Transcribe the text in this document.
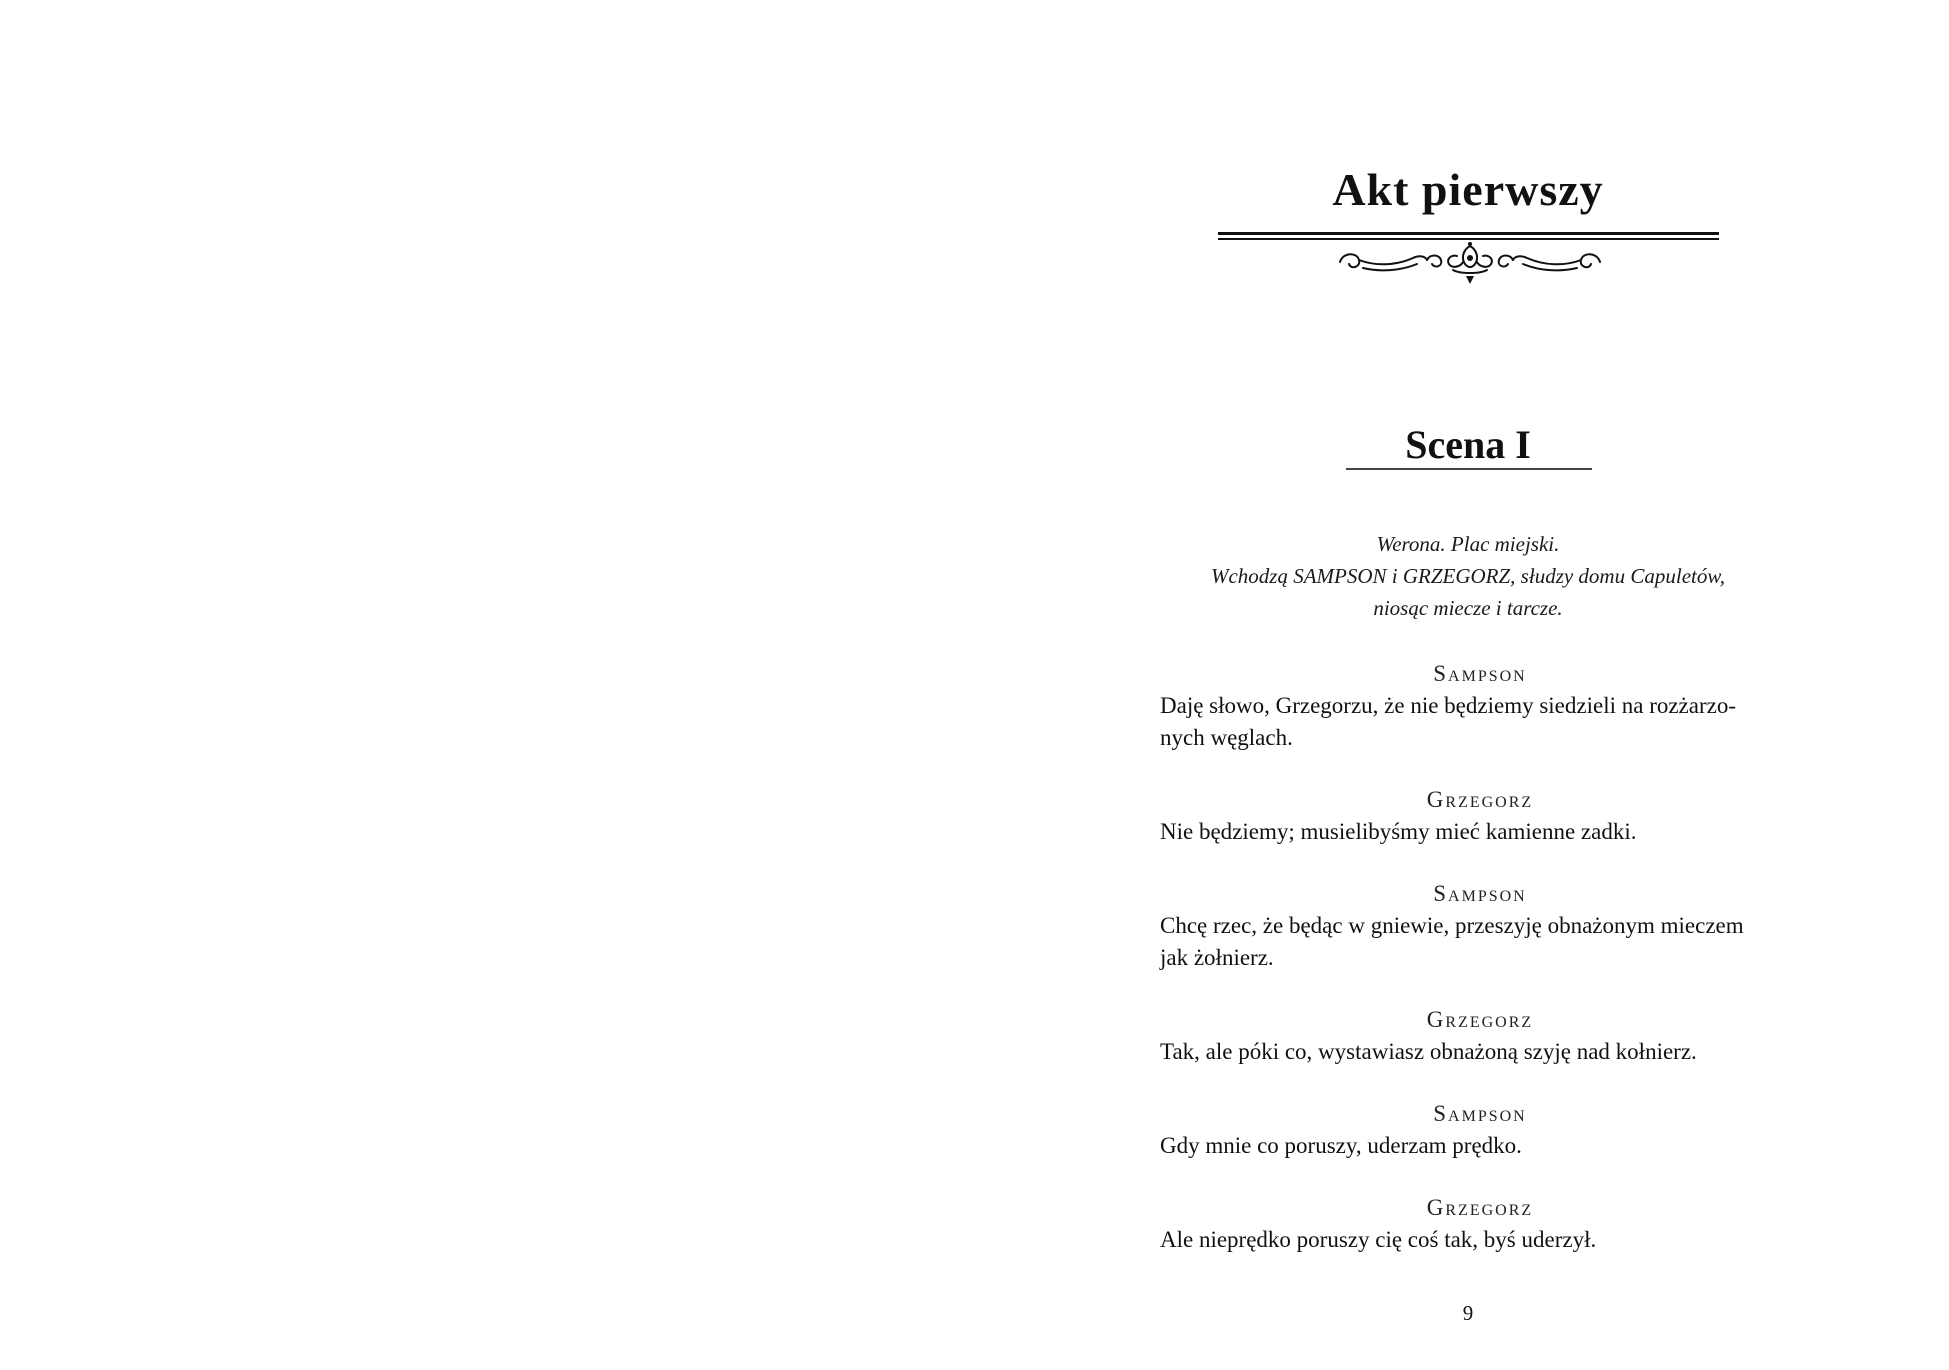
Akt pierwszy
Scena I
Werona. Plac miejski.
Wchodzą SAMPSON i GRZEGORZ, słudzy domu Capuletów,
niosąc miecze i tarcze.
Sampson
Daję słowo, Grzegorzu, że nie będziemy siedzieli na rozżarzo-
nych węglach.
Grzegorz
Nie będziemy; musielibyśmy mieć kamienne zadki.
Sampson
Chcę rzec, że będąc w gniewie, przeszyję obnażonym mieczem
jak żołnierz.
Grzegorz
Tak, ale póki co, wystawiasz obnażoną szyję nad kołnierz.
Sampson
Gdy mnie co poruszy, uderzam prędko.
Grzegorz
Ale nieprędko poruszy cię coś tak, byś uderzył.
9
